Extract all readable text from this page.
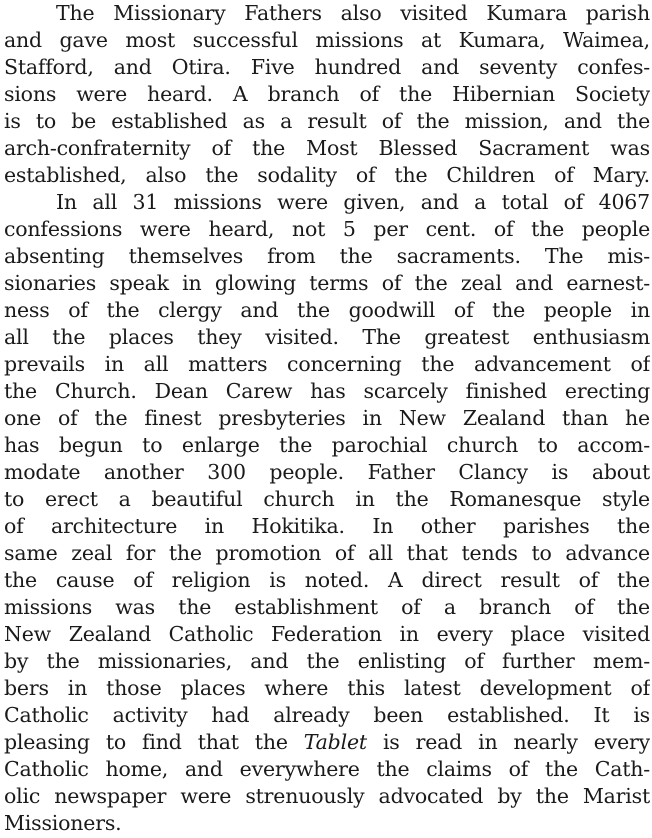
The Missionary Fathers also visited Kumara parish
and gave most successful missions at Kumara, Waimea,
Stafford, and Otira. Five hundred and seventy confes-
sions were heard. A branch of the Hibernian Society
is to be established as a result of the mission, and the
arch-confraternity of the Most Blessed Sacrament was
established, also the sodality of the Children of Mary.
In all 31 missions were given, and a total of 4067
confessions were heard, not 5 per cent. of the people
absenting themselves from the sacraments. The mis-
sionaries speak in glowing terms of the zeal and earnest-
ness of the clergy and the goodwill of the people in
all the places they visited. The greatest enthusiasm
prevails in all matters concerning the advancement of
the Church. Dean Carew has scarcely finished erecting
one of the finest presbyteries in New Zealand than he
has begun to enlarge the parochial church to accom-
modate another 300 people. Father Clancy is about
to erect a beautiful church in the Romanesque style
of architecture in Hokitika. In other parishes the
same zeal for the promotion of all that tends to advance
the cause of religion is noted. A direct result of the
missions was the establishment of a branch of the
New Zealand Catholic Federation in every place visited
by the missionaries, and the enlisting of further mem-
bers in those places where this latest development of
Catholic activity had already been established. It is
pleasing to find that the Tablet is read in nearly every
Catholic home, and everywhere the claims of the Cath-
olic newspaper were strenuously advocated by the Marist
Missioners.
